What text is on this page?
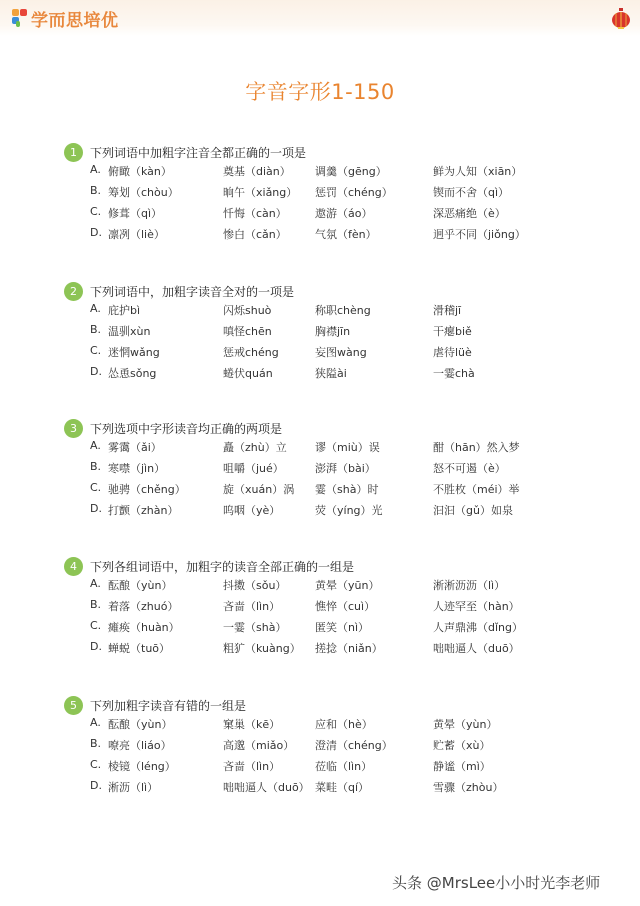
学而思培优
字音字形1-150
1	下列词语中加粗字注音全都正确的一项是
A. 俯瞰（kàn）	奠基（diàn） 调羹（gēng）	鲜为人知（xiān）
B. 筹划（chòu）	晌午（xiǎng） 惩罚（chéng）	锲而不舍（qì）
C. 修葺（qì）	忏悔（càn）	遨游（áo）	深恶痛绝（è）
D. 凛冽（liè）	惨白（cǎn）	气氛（fèn）	迥乎不同（jiǒng）
2	下列词语中，加粗字读音全对的一项是
A. 庇护bì	闪烁shuò	称职chèng	滑稽jī
B. 温驯xùn	嗔怪chēn	胸襟jīn	干瘪biě
C. 迷惘wǎng	惩戒chéng	妄图wàng	虐待lüè
D. 怂恿sǒng	蜷伏quán	狭隘ài	一霎chà
3	下列选项中字形读音均正确的两项是
A. 雾霭（ǎi）	矗（zhù）立	谬（miù）误	酣（hān）然入梦
B. 寒噤（jìn）	咀嚼（jué）	澎湃（bài）	怒不可遏（è）
C. 驰骋（chěng）	旋（xuán）涡 霎（shà）时	不胜枚（méi）举
D. 打颤（zhàn）	呜咽（yè）	荧（yíng）光	汩汩（gǔ）如泉
4	下列各组词语中，加粗字的读音全部正确的一组是
A. 酝酿（yùn）	抖擞（sǒu）	黄晕（yūn）	淅淅沥沥（lì）
B. 着落（zhuó）	吝啬（lìn）	憔悴（cuì）	人迹罕至（hàn）
C. 瘫痪（huàn）	一霎（shà）	匿笑（nì）	人声鼎沸（dǐng）
D. 蝉蜕（tuō）	粗犷（kuàng） 搓捻（niǎn）	咄咄逼人（duō）
5	下列加粗字读音有错的一组是
A. 酝酿（yùn）	窠巢（kē）	应和（hè）	黄晕（yùn）
B. 嘹亮（liáo）	高邈（miǎo） 澄清（chéng）	贮蓄（xù）
C. 棱镜（léng）	吝啬（lìn）	莅临（lìn）	静谧（mì）
D. 淅沥（lì）	咄咄逼人（duō） 菜畦（qí）	雪骤（zhòu）
头条 @MrsLee小小时光李老师
